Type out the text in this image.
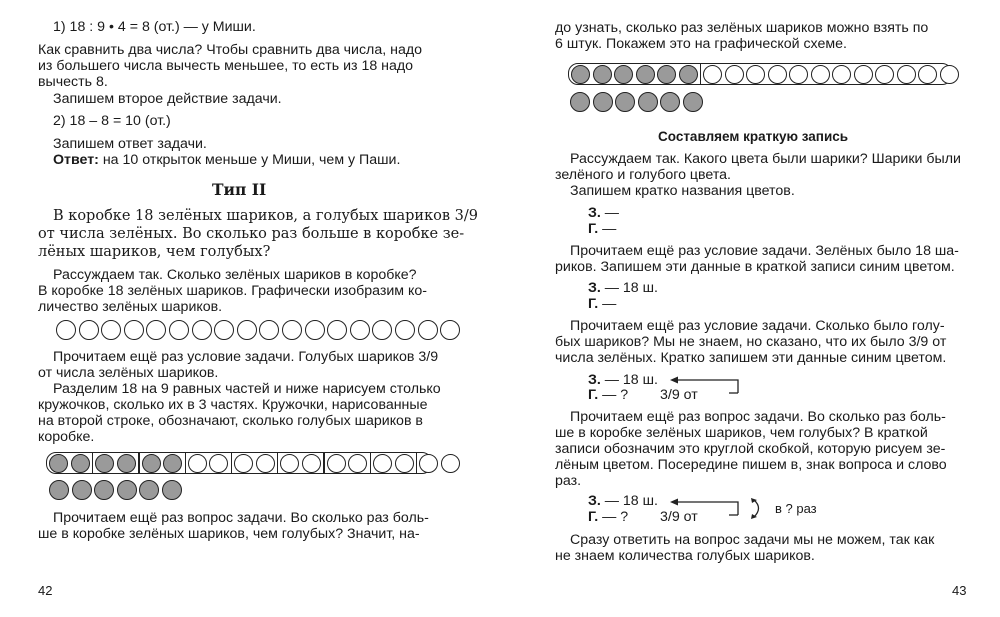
1) 18 : 9 • 4 = 8 (от.) — у Миши.

Как сравнить два числа? Чтобы сравнить два числа, надо

из большего числа вычесть меньшее, то есть из 18 надо

вычесть 8.

Запишем второе действие задачи.

2) 18 – 8 = 10 (от.)

Запишем ответ задачи.

Ответ: на 10 открыток меньше у Миши, чем у Паши.

Тип II

В коробке 18 зелёных шариков, а голубых шариков 3/9

от числа зелёных. Во сколько раз больше в коробке зе-

лёных шариков, чем голубых?

Рассуждаем так. Сколько зелёных шариков в коробке?

В коробке 18 зелёных шариков. Графически изобразим ко-

личество зелёных шариков.

Прочитаем ещё раз условие задачи. Голубых шариков 3/9

от числа зелёных шариков.

Разделим 18 на 9 равных частей и ниже нарисуем столько

кружочков, сколько их в 3 частях. Кружочки, нарисованные

на второй строке, обозначают, сколько голубых шариков в

коробке.

Прочитаем ещё раз вопрос задачи. Во сколько раз боль-

ше в коробке зелёных шариков, чем голубых? Значит, на-

42

до узнать, сколько раз зелёных шариков можно взять по

6 штук. Покажем это на графической схеме.

Составляем краткую запись

Рассуждаем так. Какого цвета были шарики? Шарики были

зелёного и голубого цвета.

Запишем кратко названия цветов.

З. —

Г. —

Прочитаем ещё раз условие задачи. Зелёных было 18 ша-

риков. Запишем эти данные в краткой записи синим цветом.

З. — 18 ш.

Г. —

Прочитаем ещё раз условие задачи. Сколько было голу-

бых шариков? Мы не знаем, но сказано, что их было 3/9 от

числа зелёных. Кратко запишем эти данные синим цветом.

З. — 18 ш.

Г. — ? 3/9 от

Прочитаем ещё раз вопрос задачи. Во сколько раз боль-

ше в коробке зелёных шариков, чем голубых? В краткой

записи обозначим это круглой скобкой, которую рисуем зе-

лёным цветом. Посередине пишем в, знак вопроса и слово

раз.

З. — 18 ш.

Г. — ? 3/9 от

в ? раз

Сразу ответить на вопрос задачи мы не можем, так как

не знаем количества голубых шариков.

43
